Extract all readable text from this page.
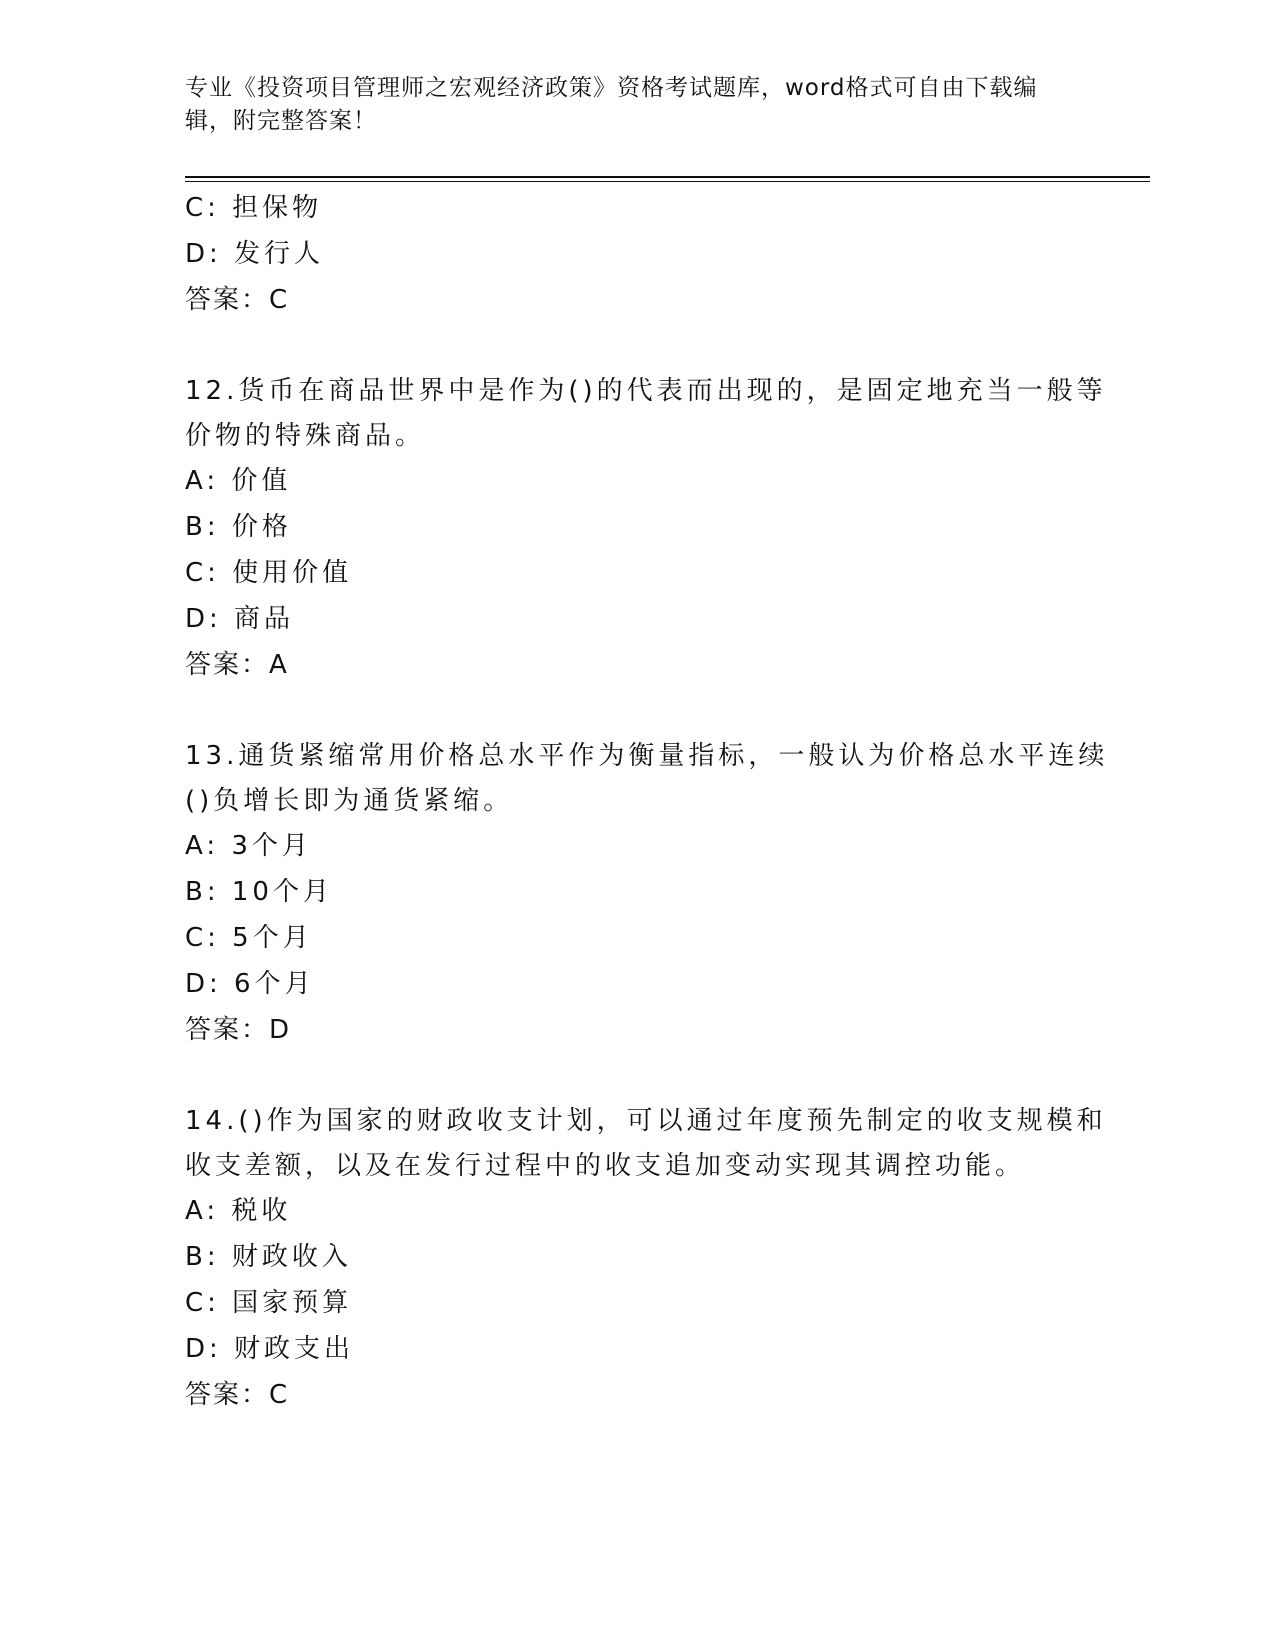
专业《投资项目管理师之宏观经济政策》资格考试题库，word格式可自由下载编
辑，附完整答案！
C: 担保物
D: 发行人
答案：C
12.货币在商品世界中是作为()的代表而出现的，是固定地充当一般等
价物的特殊商品。
A: 价值
B: 价格
C: 使用价值
D: 商品
答案：A
13.通货紧缩常用价格总水平作为衡量指标，一般认为价格总水平连续
()负增长即为通货紧缩。
A: 3个月
B: 10个月
C: 5个月
D: 6个月
答案：D
14.()作为国家的财政收支计划，可以通过年度预先制定的收支规模和
收支差额，以及在发行过程中的收支追加变动实现其调控功能。
A: 税收
B: 财政收入
C: 国家预算
D: 财政支出
答案：C
